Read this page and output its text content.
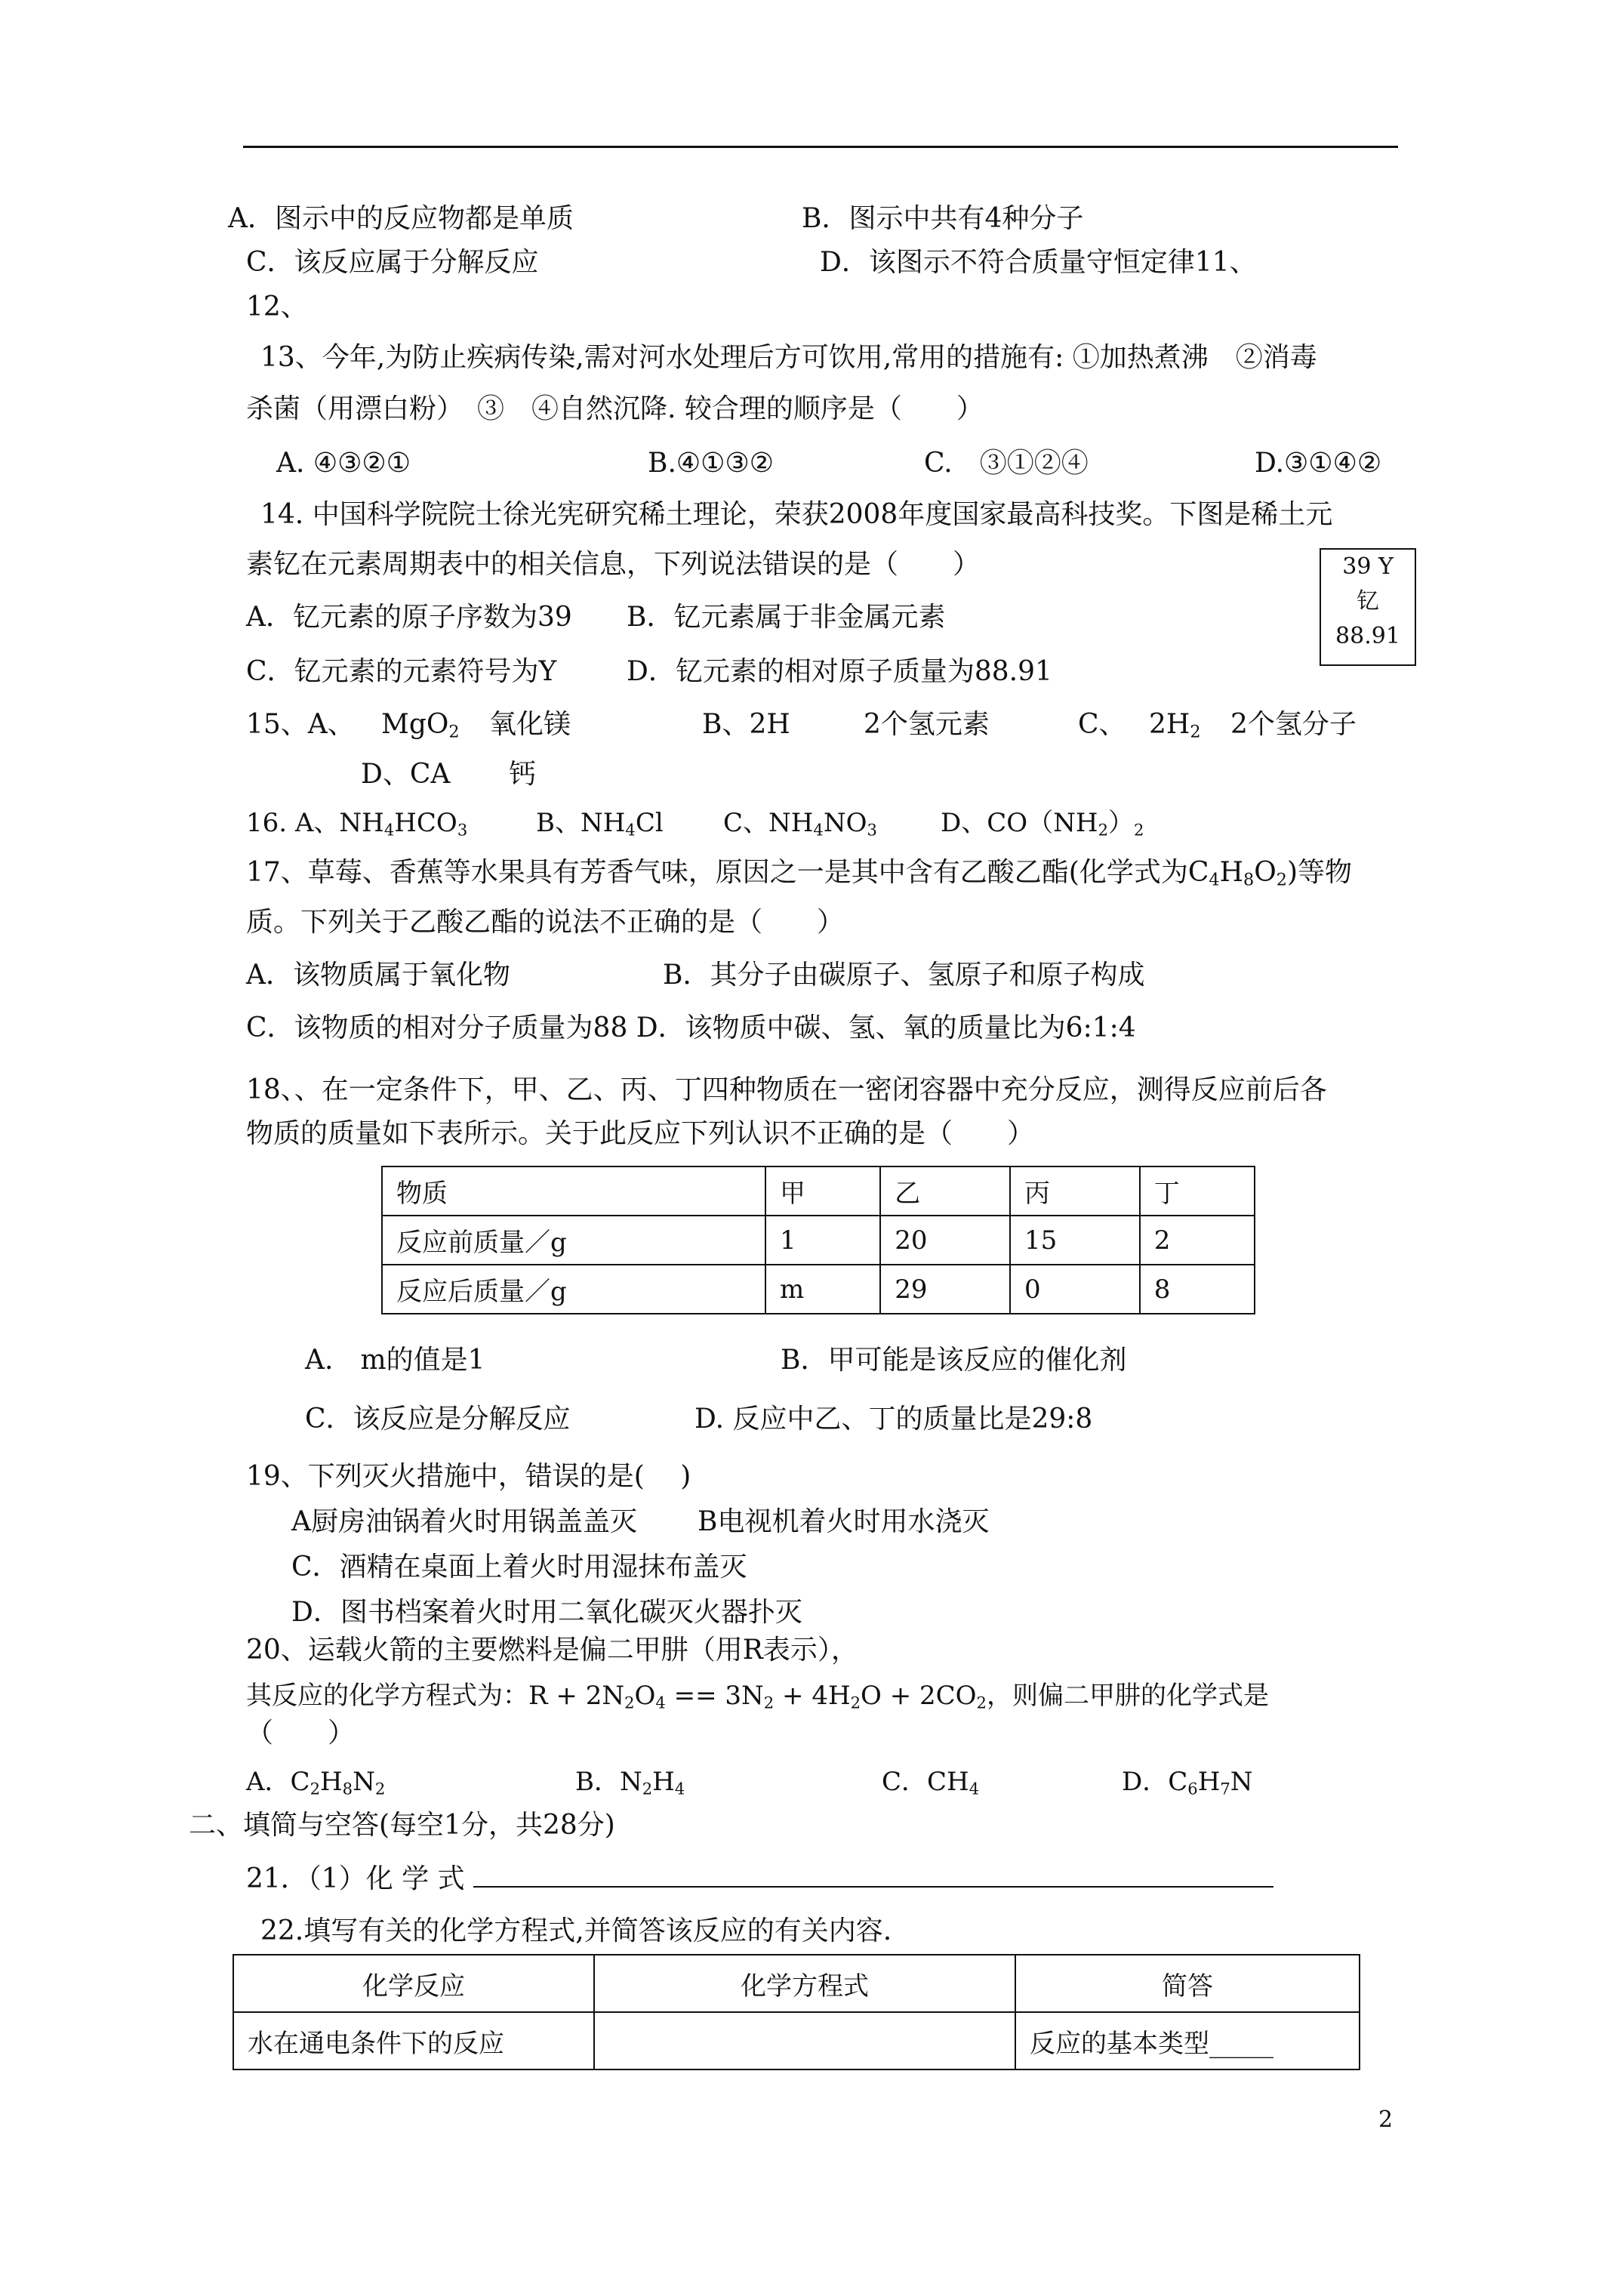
A．图示中的反应物都是单质	B．图示中共有4种分子
C．该反应属于分解反应	D．该图示不符合质量守恒定律11、
12、
13、今年,为防止疾病传染,需对河水处理后方可饮用,常用的措施有: ①加热煮沸　②消毒
杀菌（用漂白粉）　③　④自然沉降. 较合理的顺序是（　　）
A. ④③②①	B.④①③②	C.　③①②④	D.③①④②
14. 中国科学院院士徐光宪研究稀土理论，荣获2008年度国家最高科技奖。下图是稀土元
素钇在元素周期表中的相关信息，下列说法错误的是（　　）
A．钇元素的原子序数为39 B．钇元素属于非金属元素
C．钇元素的元素符号为Y	D．钇元素的相对原子质量为88.91
39 Y
钇
88.91
15、A、 MgO$_2$ 氧化镁	B、2H	2个氢元素	C、 $2H_2$ 2个氢分子
D、CA 钙
16. A、$NH_4HCO_3$	B、$NH_4Cl$ C、$NH_4NO_3$ D、$CO(NH_2)_2$
17、草莓、香蕉等水果具有芳香气味，原因之一是其中含有乙酸乙酯(化学式为$C_4H_8O_2$)等物
质。下列关于乙酸乙酯的说法不正确的是（　　）
A．该物质属于氧化物	B．其分子由碳原子、氢原子和原子构成
C．该物质的相对分子质量为88 D．该物质中碳、氢、氧的质量比为6:1:4
18、、在一定条件下，甲、乙、丙、丁四种物质在一密闭容器中充分反应，测得反应前后各
物质的质量如下表所示。关于此反应下列认识不正确的是（　　）
物质	甲	乙	丙	丁
反应前质量／g	1	20	15	2
反应后质量／g	m	29	0	8
A.　m的值是1	B．甲可能是该反应的催化剂
C．该反应是分解反应	D. 反应中乙、丁的质量比是29:8
19、下列灭火措施中，错误的是(　 )
A厨房油锅着火时用锅盖盖灭 B电视机着火时用水浇灭
C．酒精在桌面上着火时用湿抹布盖灭
D．图书档案着火时用二氧化碳灭火器扑灭
20、运载火箭的主要燃料是偏二甲肼（用R表示），
其反应的化学方程式为：$R + 2N_2O_4 == 3N_2 + 4H_2O + 2CO_2$，则偏二甲肼的化学式是
（　　）
A．$C_2H_8N_2$	B．$N_2H_4$	C．$CH_4$	D．$C_6H_7N$
二、填简与空答(每空1分，共28分)
21．（1）化 学 式
22.填写有关的化学方程式,并简答该反应的有关内容.
化学反应	化学方程式	简答
水在通电条件下的反应		反应的基本类型_____
2
